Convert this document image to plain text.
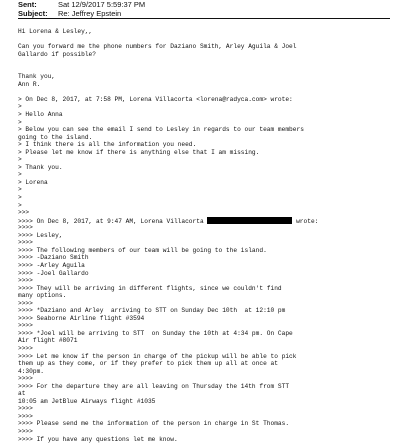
Sent:	Sat 12/9/2017 5:59:37 PM
Subject: Re: Jeffrey Epstein
Hi Lorena & Lesley,,
Can you forward me the phone numbers for Daziano Smith, Arley Aguila & Joel
Gallardo if possible?
Thank you,
Ann R.
> On Dec 8, 2017, at 7:58 PM, Lorena Villacorta <lorena@radyca.com> wrote:
>
> Hello Anna
>
> Below you can see the email I send to Lesley in regards to our team members
going to the island.
> I think there is all the information you need.
> Please let me know if there is anything else that I am missing.
>
> Thank you.
>
> Lorena
>
>
>
>>>
>>>> On Dec 8, 2017, at 9:47 AM, Lorena Villacorta	wrote:
>>>>
>>>> Lesley,
>>>>
>>>> The following members of our team will be going to the island.
>>>> -Daziano Smith
>>>> -Arley Aguila
>>>> -Joel Gallardo
>>>>
>>>> They will be arriving in different flights, since we couldn't find
many options.
>>>>
>>>> *Daziano and Arley  arriving to STT on Sunday Dec 10th  at 12:10 pm
>>>> Seaborne Airline flight #3594
>>>>
>>>> *Joel will be arriving to STT  on Sunday the 10th at 4:34 pm. On Cape
Air flight #8071
>>>>
>>>> Let me know if the person in charge of the pickup will be able to pick
them up as they come, or if they prefer to pick them up all at once at
4:30pm.
>>>>
>>>> For the departure they are all leaving on Thursday the 14th from STT
at
10:05 am JetBlue Airways flight #1035
>>>>
>>>>
>>>> Please send me the information of the person in charge in St Thomas.
>>>>
>>>> If you have any questions let me know.
